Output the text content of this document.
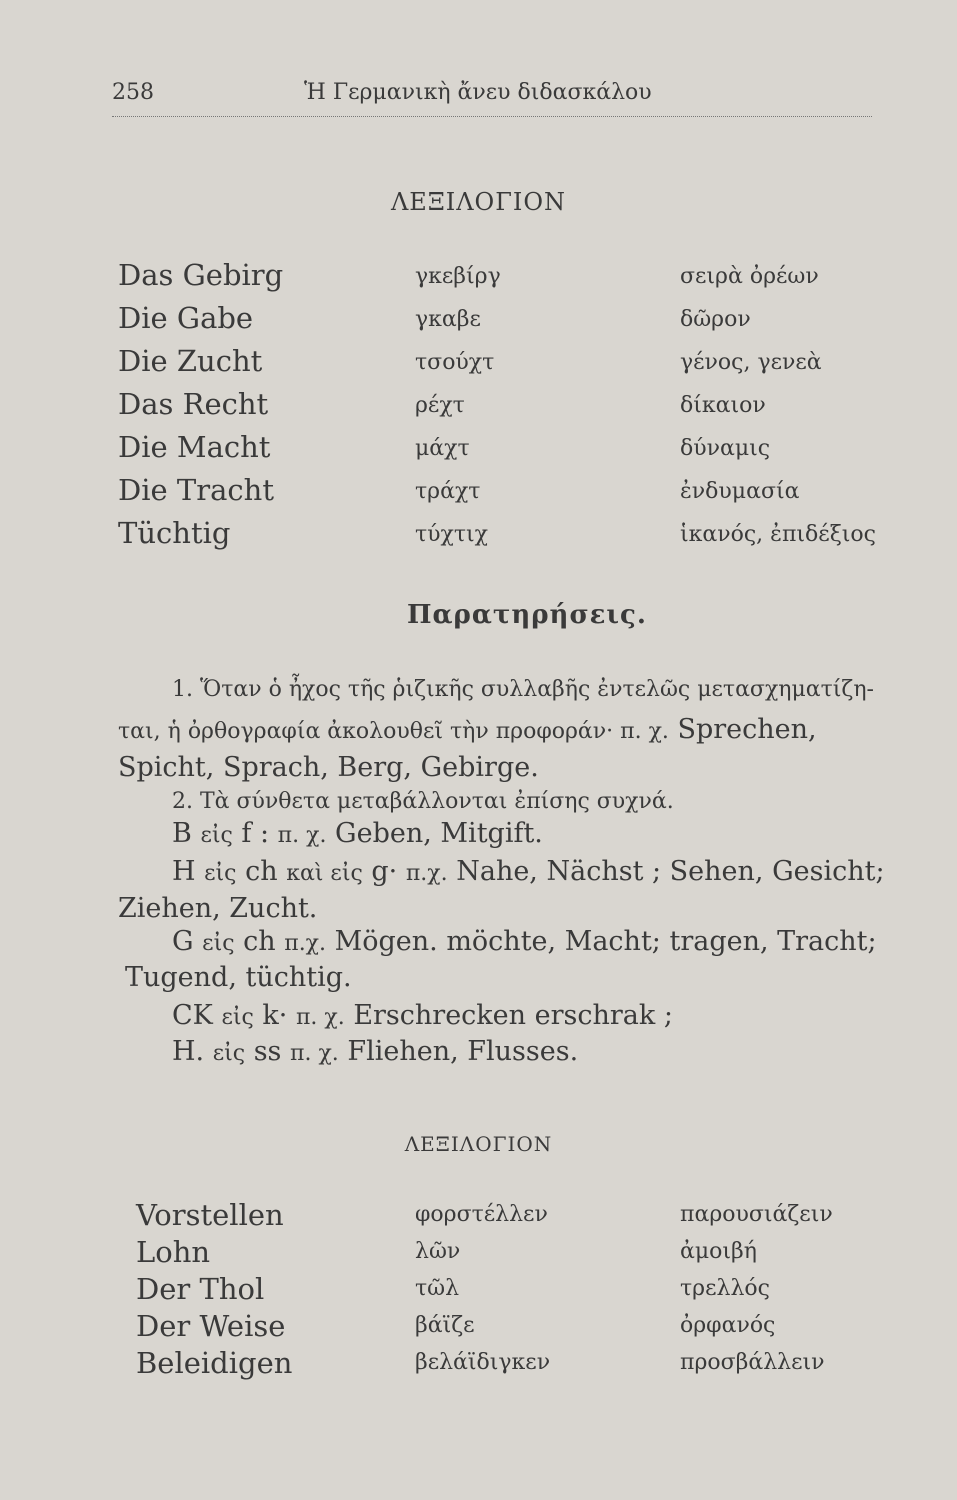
258	Ἡ Γερμανικὴ ἄνευ διδασκάλου
ΛΕΞΙΛΟΓΙΟΝ
Das Gebirg	γκεβίργ	σειρὰ ὀρέων
Die Gabe	γκαβε	δῶρον
Die Zucht	τσούχτ	γένος, γενεὰ
Das Recht	ρέχτ	δίκαιον
Die Macht	μάχτ	δύναμις
Die Tracht	τράχτ	ἐνδυμασία
Tüchtig	τύχτιχ	ἱκανός, ἐπιδέξιος
Παρατηρήσεις.
1. Ὅταν ὁ ἦχος τῆς ῥιζικῆς συλλαβῆς ἐντελῶς μετασχηματίζη-
ται, ἡ ὀρθογραφία ἀκολουθεῖ τὴν προφοράν· π. χ. Sprechen,
Spicht, Sprach, Berg, Gebirge.
2. Τὰ σύνθετα μεταβάλλονται ἐπίσης συχνά.
B εἰς f : π. χ. Geben, Mitgift.
H εἰς ch καὶ εἰς g· π.χ. Nahe, Nächst ; Sehen, Gesicht;
Ziehen, Zucht.
G εἰς ch π.χ. Mögen. möchte, Macht; tragen, Tracht;
Tugend, tüchtig.
CK εἰς k· π. χ. Erschrecken erschrak ;
H. εἰς ss π. χ. Fliehen, Flusses.
ΛΕΞΙΛΟΓΙΟΝ
Vorstellen	φορστέλλεν	παρουσιάζειν
Lohn	λῶν	ἀμοιβή
Der Thol	τῶλ	τρελλός
Der Weise	βάϊζε	ὀρφανός
Beleidigen	βελάϊδιγκεν	προσβάλλειν
